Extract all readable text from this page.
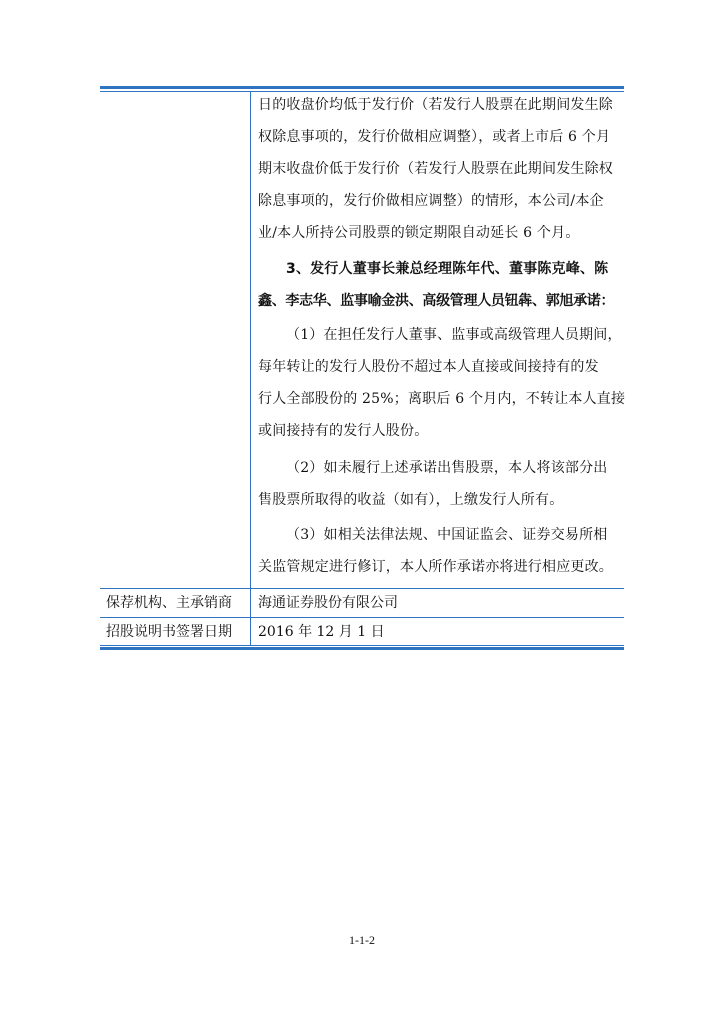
日的收盘价均低于发行价（若发行人股票在此期间发生除
权除息事项的，发行价做相应调整），或者上市后 6 个月
期末收盘价低于发行价（若发行人股票在此期间发生除权
除息事项的，发行价做相应调整）的情形，本公司/本企
业/本人所持公司股票的锁定期限自动延长 6 个月。
3、发行人董事长兼总经理陈年代、董事陈克峰、陈
鑫、李志华、监事喻金洪、高级管理人员钮犇、郭旭承诺：
（1）在担任发行人董事、监事或高级管理人员期间，
每年转让的发行人股份不超过本人直接或间接持有的发
行人全部股份的 25%；离职后 6 个月内，不转让本人直接
或间接持有的发行人股份。
（2）如未履行上述承诺出售股票，本人将该部分出
售股票所取得的收益（如有），上缴发行人所有。
（3）如相关法律法规、中国证监会、证券交易所相
关监管规定进行修订，本人所作承诺亦将进行相应更改。
保荐机构、主承销商 海通证券股份有限公司
招股说明书签署日期 2016 年 12 月 1 日
1-1-2
